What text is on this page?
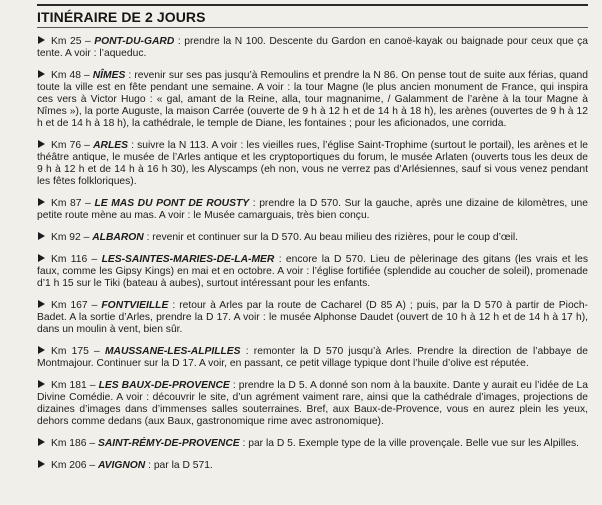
ITINÉRAIRE DE 2 JOURS

Km 25 – PONT-DU-GARD : prendre la N 100. Descente du Gardon en canoë-kayak ou baignade pour ceux que ça tente. A voir : l’aqueduc.

Km 48 – NÎMES : revenir sur ses pas jusqu’à Remoulins et prendre la N 86. On pense tout de suite aux férias, quand toute la ville est en fête pendant une semaine. A voir : la tour Magne (le plus ancien monument de France, qui inspira ces vers à Victor Hugo : « gal, amant de la Reine, alla, tour magnanime, / Galamment de l’arène à la tour Magne à Nîmes »), la porte Auguste, la maison Carrée (ouverte de 9 h à 12 h et de 14 h à 18 h), les arènes (ouvertes de 9 h à 12 h et de 14 h à 18 h), la cathédrale, le temple de Diane, les fontaines ; pour les aficionados, une corrida.

Km 76 – ARLES : suivre la N 113. A voir : les vieilles rues, l’église Saint-Trophime (surtout le portail), les arènes et le théâtre antique, le musée de l’Arles antique et les cryptoportiques du forum, le musée Arlaten (ouverts tous les deux de 9 h à 12 h et de 14 h à 16 h 30), les Alyscamps (eh non, vous ne verrez pas d’Arlésiennes, sauf si vous venez pendant les fêtes folkloriques).

Km 87 – LE MAS DU PONT DE ROUSTY : prendre la D 570. Sur la gauche, après une dizaine de kilomètres, une petite route mène au mas. A voir : le Musée camarguais, très bien conçu.

Km 92 – ALBARON : revenir et continuer sur la D 570. Au beau milieu des rizières, pour le coup d’œil.

Km 116 – LES-SAINTES-MARIES-DE-LA-MER : encore la D 570. Lieu de pèlerinage des gitans (les vrais et les faux, comme les Gipsy Kings) en mai et en octobre. A voir : l’église fortifiée (splendide au coucher de soleil), promenade d’1 h 15 sur le Tiki (bateau à aubes), surtout intéressant pour les enfants.

Km 167 – FONTVIEILLE : retour à Arles par la route de Cacharel (D 85 A) ; puis, par la D 570 à partir de Pioch-Badet. A la sortie d’Arles, prendre la D 17. A voir : le musée Alphonse Daudet (ouvert de 10 h à 12 h et de 14 h à 17 h), dans un moulin à vent, bien sûr.

Km 175 – MAUSSANE-LES-ALPILLES : remonter la D 570 jusqu’à Arles. Prendre la direction de l’abbaye de Montmajour. Continuer sur la D 17. A voir, en passant, ce petit village typique dont l’huile d’olive est réputée.

Km 181 – LES BAUX-DE-PROVENCE : prendre la D 5. A donné son nom à la bauxite. Dante y aurait eu l’idée de La Divine Comédie. A voir : découvrir le site, d’un agrément vaiment rare, ainsi que la cathédrale d’images, projections de dizaines d’images dans d’immenses salles souterraines. Bref, aux Baux-de-Provence, vous en aurez plein les yeux, dehors comme dedans (aux Baux, gastronomique rime avec astronomique).

Km 186 – SAINT-RÉMY-DE-PROVENCE : par la D 5. Exemple type de la ville provençale. Belle vue sur les Alpilles.

Km 206 – AVIGNON : par la D 571.
